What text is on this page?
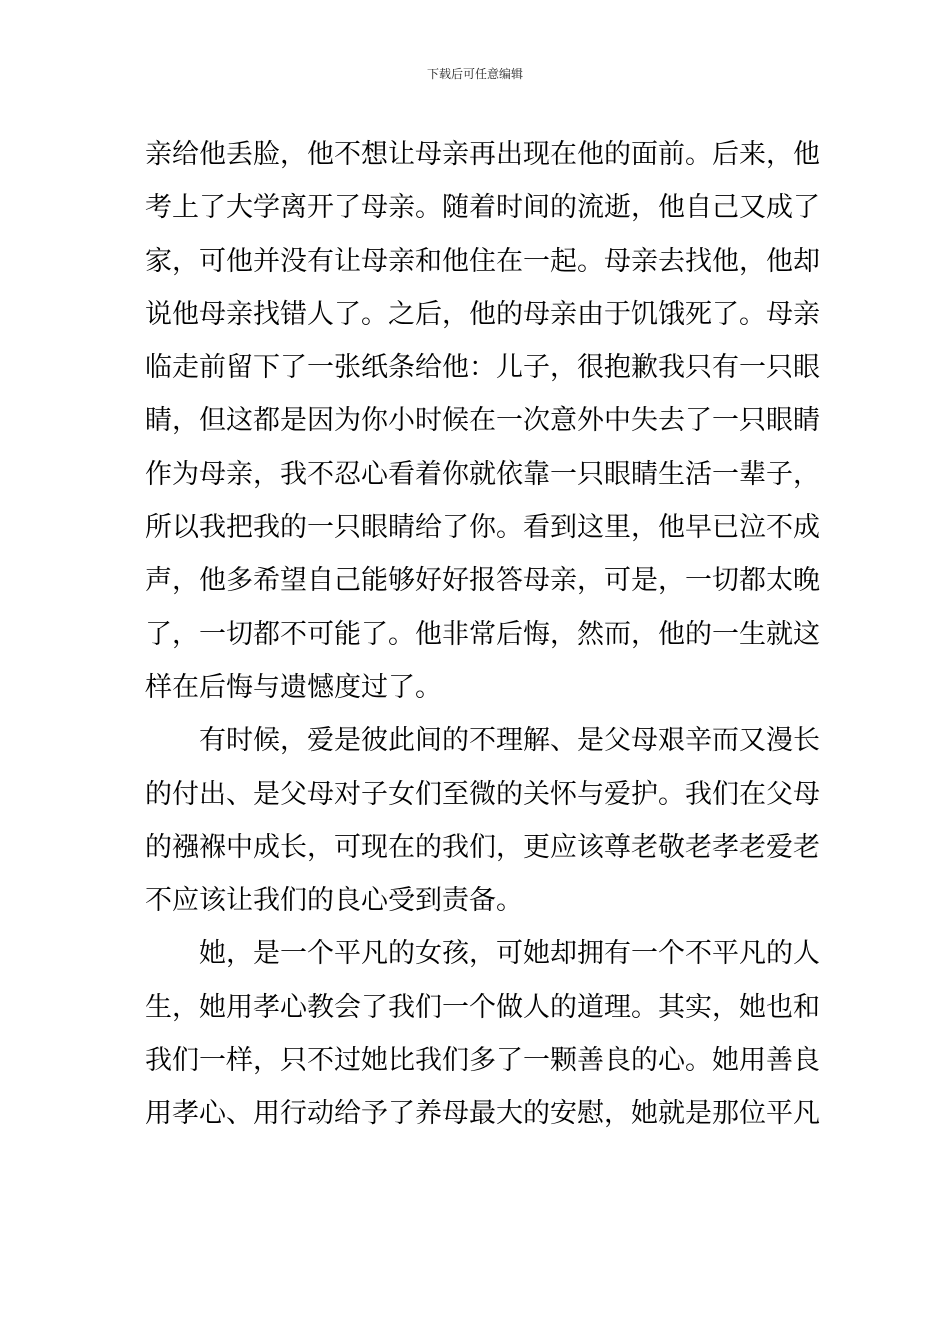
下载后可任意编辑
亲给他丢脸，他不想让母亲再出现在他的面前。后来，他
考上了大学离开了母亲。随着时间的流逝，他自己又成了
家，可他并没有让母亲和他住在一起。母亲去找他，他却
说他母亲找错人了。之后，他的母亲由于饥饿死了。母亲
临走前留下了一张纸条给他：儿子，很抱歉我只有一只眼
睛，但这都是因为你小时候在一次意外中失去了一只眼睛
作为母亲，我不忍心看着你就依靠一只眼睛生活一辈子，
所以我把我的一只眼睛给了你。看到这里，他早已泣不成
声，他多希望自己能够好好报答母亲，可是，一切都太晚
了，一切都不可能了。他非常后悔，然而，他的一生就这
样在后悔与遗憾度过了。
有时候，爱是彼此间的不理解、是父母艰辛而又漫长
的付出、是父母对子女们至微的关怀与爱护。我们在父母
的襁褓中成长，可现在的我们，更应该尊老敬老孝老爱老
不应该让我们的良心受到责备。
她，是一个平凡的女孩，可她却拥有一个不平凡的人
生，她用孝心教会了我们一个做人的道理。其实，她也和
我们一样，只不过她比我们多了一颗善良的心。她用善良
用孝心、用行动给予了养母最大的安慰，她就是那位平凡
